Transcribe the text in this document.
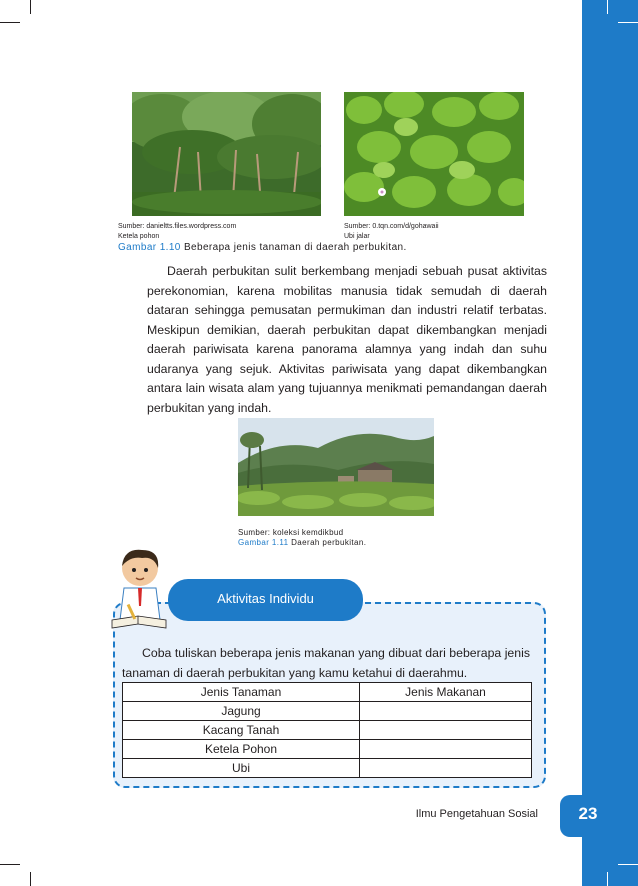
Sumber: danieltts.files.wordpress.com
Ketela pohon
Sumber: 0.tqn.com/d/gohawaii
Ubi jalar
Gambar 1.10 Beberapa jenis tanaman di daerah perbukitan.
Daerah perbukitan sulit berkembang menjadi sebuah pusat aktivitas perekonomian, karena mobilitas manusia tidak semudah di daerah dataran sehingga pemusatan permukiman dan industri relatif terbatas. Meskipun demikian, daerah perbukitan dapat dikembangkan menjadi daerah pariwisata karena panorama alamnya yang indah dan suhu udaranya yang sejuk. Aktivitas pariwisata yang dapat dikembangkan antara lain wisata alam yang tujuannya menikmati pemandangan daerah perbukitan yang indah.
Sumber: koleksi kemdikbud
Gambar 1.11 Daerah perbukitan.
Aktivitas Individu
Coba tuliskan beberapa jenis makanan yang dibuat dari beberapa jenis tanaman di daerah perbukitan yang kamu ketahui di daerahmu.
Jenis Tanaman	Jenis Makanan
Jagung	
Kacang Tanah	
Ketela Pohon	
Ubi	
Ilmu Pengetahuan Sosial	23
